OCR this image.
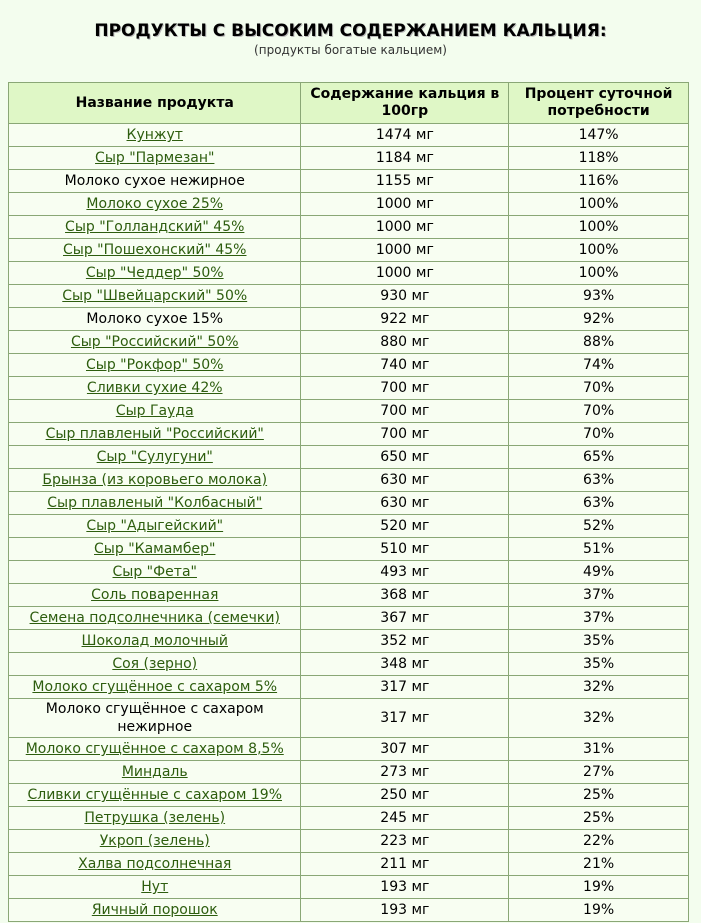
ПРОДУКТЫ С ВЫСОКИМ СОДЕРЖАНИЕМ КАЛЬЦИЯ:
(продукты богатые кальцием)
Название продукта	Содержание кальция в 100гр	Процент суточной потребности
Кунжут	1474 мг	147%
Сыр "Пармезан"	1184 мг	118%
Молоко сухое нежирное	1155 мг	116%
Молоко сухое 25%	1000 мг	100%
Сыр "Голландский" 45%	1000 мг	100%
Сыр "Пошехонский" 45%	1000 мг	100%
Сыр "Чеддер" 50%	1000 мг	100%
Сыр "Швейцарский" 50%	930 мг	93%
Молоко сухое 15%	922 мг	92%
Сыр "Российский" 50%	880 мг	88%
Сыр "Рокфор" 50%	740 мг	74%
Сливки сухие 42%	700 мг	70%
Сыр Гауда	700 мг	70%
Сыр плавленый "Российский"	700 мг	70%
Сыр "Сулугуни"	650 мг	65%
Брынза (из коровьего молока)	630 мг	63%
Сыр плавленый "Колбасный"	630 мг	63%
Сыр "Адыгейский"	520 мг	52%
Сыр "Камамбер"	510 мг	51%
Сыр "Фета"	493 мг	49%
Соль поваренная	368 мг	37%
Семена подсолнечника (семечки)	367 мг	37%
Шоколад молочный	352 мг	35%
Соя (зерно)	348 мг	35%
Молоко сгущённое с сахаром 5%	317 мг	32%
Молоко сгущённое с сахаром нежирное	317 мг	32%
Молоко сгущённое с сахаром 8,5%	307 мг	31%
Миндаль	273 мг	27%
Сливки сгущённые с сахаром 19%	250 мг	25%
Петрушка (зелень)	245 мг	25%
Укроп (зелень)	223 мг	22%
Халва подсолнечная	211 мг	21%
Нут	193 мг	19%
Яичный порошок	193 мг	19%
